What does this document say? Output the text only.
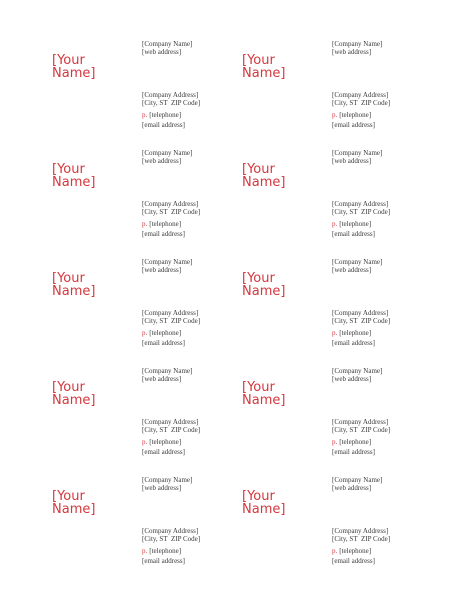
[Your
Name]
[Company Name]
[web address]
[Company Address]
[City, ST  ZIP Code]
p. [telephone]
[email address]
[Your
Name]
[Company Name]
[web address]
[Company Address]
[City, ST  ZIP Code]
p. [telephone]
[email address]
[Your
Name]
[Company Name]
[web address]
[Company Address]
[City, ST  ZIP Code]
p. [telephone]
[email address]
[Your
Name]
[Company Name]
[web address]
[Company Address]
[City, ST  ZIP Code]
p. [telephone]
[email address]
[Your
Name]
[Company Name]
[web address]
[Company Address]
[City, ST  ZIP Code]
p. [telephone]
[email address]
[Your
Name]
[Company Name]
[web address]
[Company Address]
[City, ST  ZIP Code]
p. [telephone]
[email address]
[Your
Name]
[Company Name]
[web address]
[Company Address]
[City, ST  ZIP Code]
p. [telephone]
[email address]
[Your
Name]
[Company Name]
[web address]
[Company Address]
[City, ST  ZIP Code]
p. [telephone]
[email address]
[Your
Name]
[Company Name]
[web address]
[Company Address]
[City, ST  ZIP Code]
p. [telephone]
[email address]
[Your
Name]
[Company Name]
[web address]
[Company Address]
[City, ST  ZIP Code]
p. [telephone]
[email address]
